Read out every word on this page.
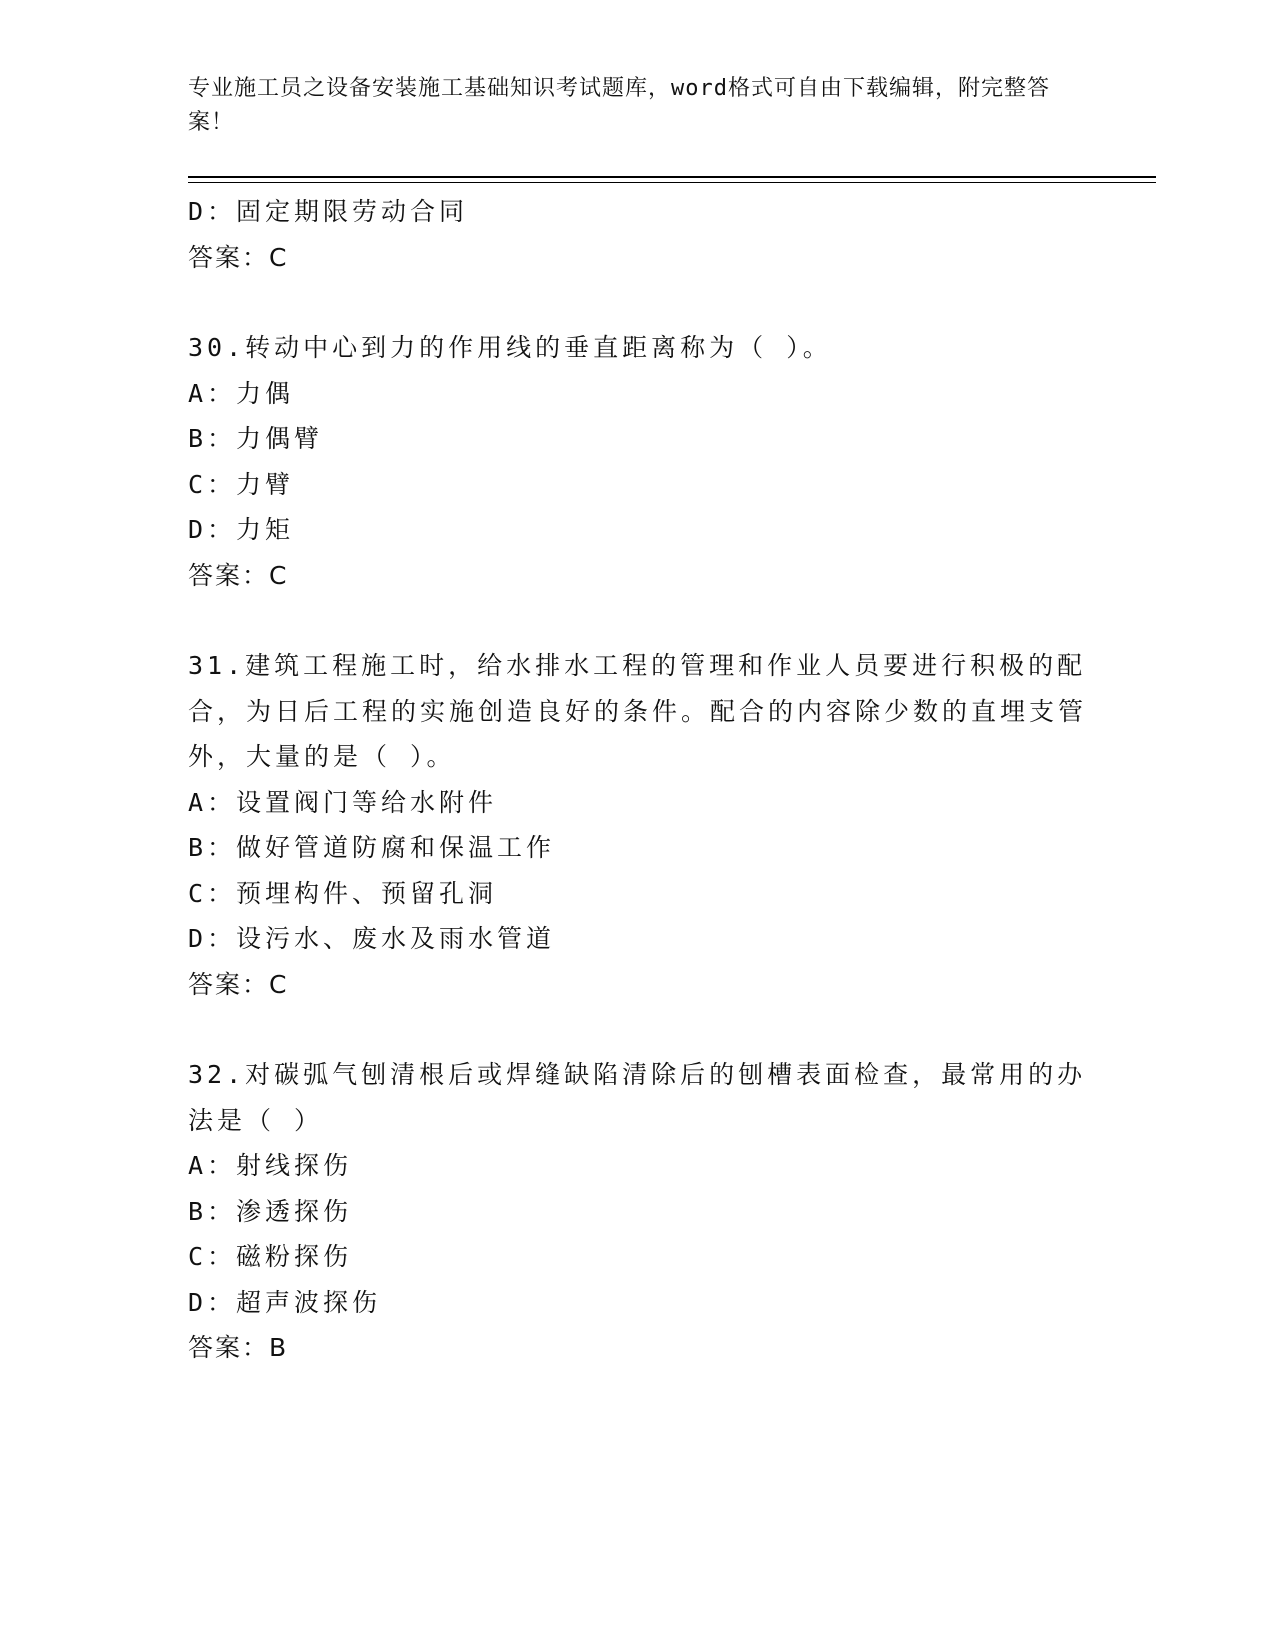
专业施工员之设备安装施工基础知识考试题库，word格式可自由下载编辑，附完整答案！
D：固定期限劳动合同
答案：C
30.转动中心到力的作用线的垂直距离称为（ ）。
A：力偶
B：力偶臂
C：力臂
D：力矩
答案：C
31.建筑工程施工时，给水排水工程的管理和作业人员要进行积极的配合，为日后工程的实施创造良好的条件。配合的内容除少数的直埋支管外，大量的是（ ）。
A：设置阀门等给水附件
B：做好管道防腐和保温工作
C：预埋构件、预留孔洞
D：设污水、废水及雨水管道
答案：C
32.对碳弧气刨清根后或焊缝缺陷清除后的刨槽表面检查，最常用的办法是（ ）
A：射线探伤
B：渗透探伤
C：磁粉探伤
D：超声波探伤
答案：B
